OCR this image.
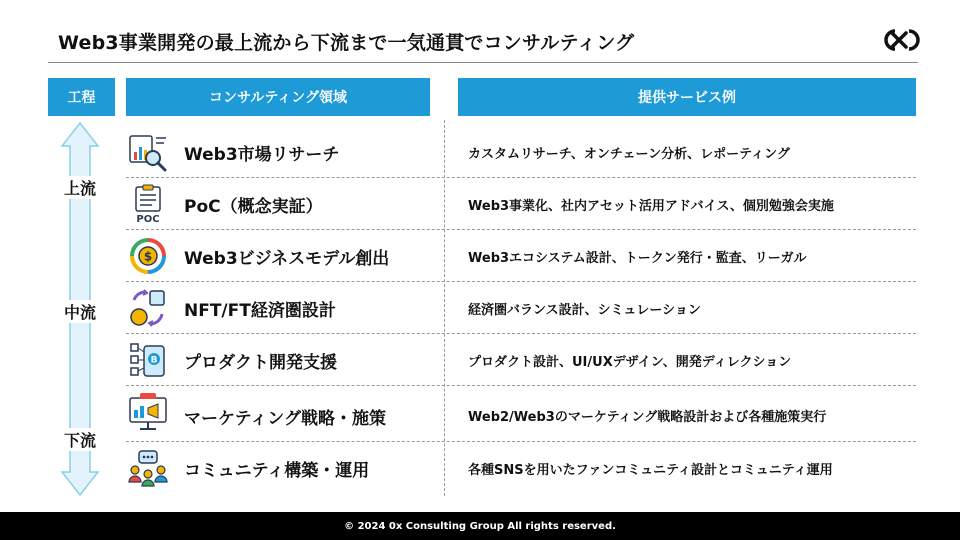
Web3事業開発の最上流から下流まで一気通貫でコンサルティング
工程	コンサルティング領域	提供サービス例
上流
中流
下流
Web3市場リサーチ	カスタムリサーチ、オンチェーン分析、レポーティング
POC
PoC（概念実証）	Web3事業化、社内アセット活用アドバイス、個別勉強会実施
$ Web3ビジネスモデル創出	Web3エコシステム設計、トークン発行・監査、リーガル
NFT/FT経済圏設計	経済圏バランス設計、シミュレーション
B プロダクト開発支援	プロダクト設計、UI/UXデザイン、開発ディレクション
マーケティング戦略・施策	Web2/Web3のマーケティング戦略設計および各種施策実行
コミュニティ構築・運用	各種SNSを用いたファンコミュニティ設計とコミュニティ運用
© 2024 0x Consulting Group All rights reserved.
